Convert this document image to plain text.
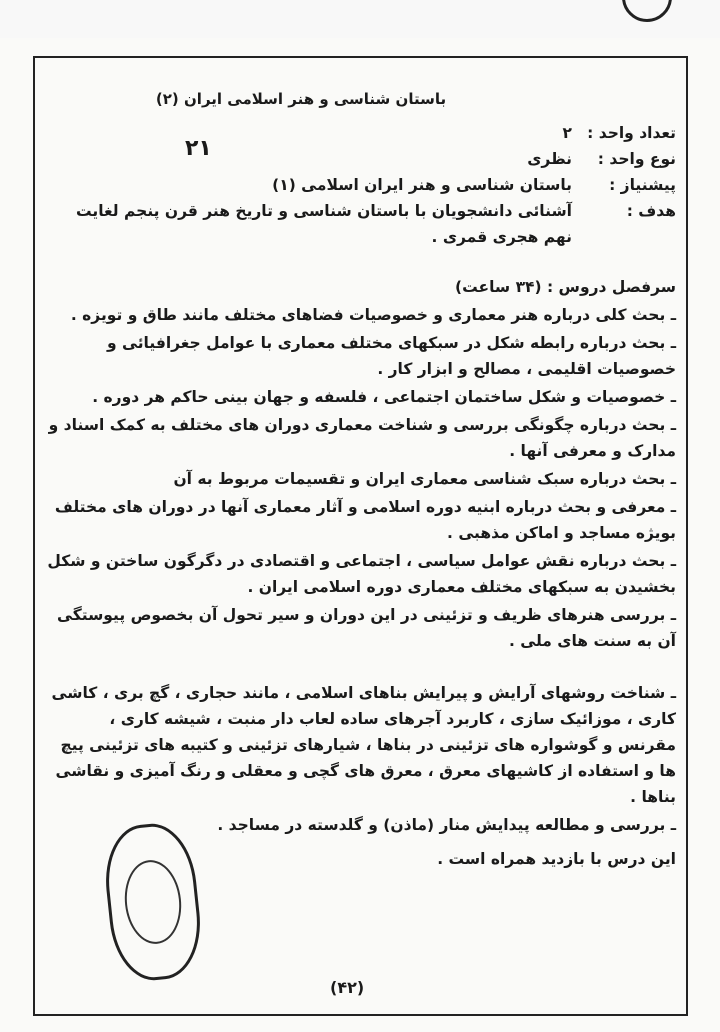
۲۱
باستان شناسی و هنر اسلامی ایران (۲)
تعداد واحد :
۲
نوع واحد :
نظری
پیشنیاز :
باستان شناسی و هنر ایران اسلامی (۱)
هدف :
آشنائی دانشجویان با باستان شناسی و تاریخ هنر قرن پنجم لغایت نهم هجری قمری .
سرفصل دروس : (۳۴ ساعت)
ـ بحث کلی درباره هنر معماری و خصوصیات فضاهای مختلف مانند طاق و تویزه .
ـ بحث درباره رابطه شکل در سبکهای مختلف معماری با عوامل جغرافیائی و خصوصیات اقلیمی ، مصالح و ابزار کار .
ـ خصوصیات و شکل ساختمان اجتماعی ، فلسفه و جهان بینی حاکم هر دوره .
ـ بحث درباره چگونگی بررسی و شناخت معماری دوران های مختلف به کمک اسناد و مدارک و معرفی آنها .
ـ بحث درباره سبک شناسی معماری ایران و تقسیمات مربوط به آن
ـ معرفی و بحث درباره ابنیه دوره اسلامی و آثار معماری آنها در دوران های مختلف بویژه مساجد و اماکن مذهبی .
ـ بحث درباره نقش عوامل سیاسی ، اجتماعی و اقتصادی در دگرگون ساختن و شکل بخشیدن به سبکهای مختلف معماری دوره اسلامی ایران .
ـ بررسی هنرهای ظریف و تزئینی در این دوران و سیر تحول آن بخصوص پیوستگی آن به سنت های ملی .
ـ شناخت روشهای آرایش و پیرایش بناهای اسلامی ، مانند حجاری ، گچ بری ، کاشی کاری ، موزائیک سازی ، کاربرد آجرهای ساده لعاب دار منبت ، شیشه کاری ، مقرنس و گوشواره های تزئینی در بناها ، شیارهای تزئینی و کتیبه های تزئینی پیچ ها و استفاده از کاشیهای معرق ، معرق های گچی و معقلی و رنگ آمیزی و نقاشی بناها .
ـ بررسی و مطالعه پیدایش منار (ماذن) و گلدسته در مساجد .
این درس با بازدید همراه است .
(۴۲)
